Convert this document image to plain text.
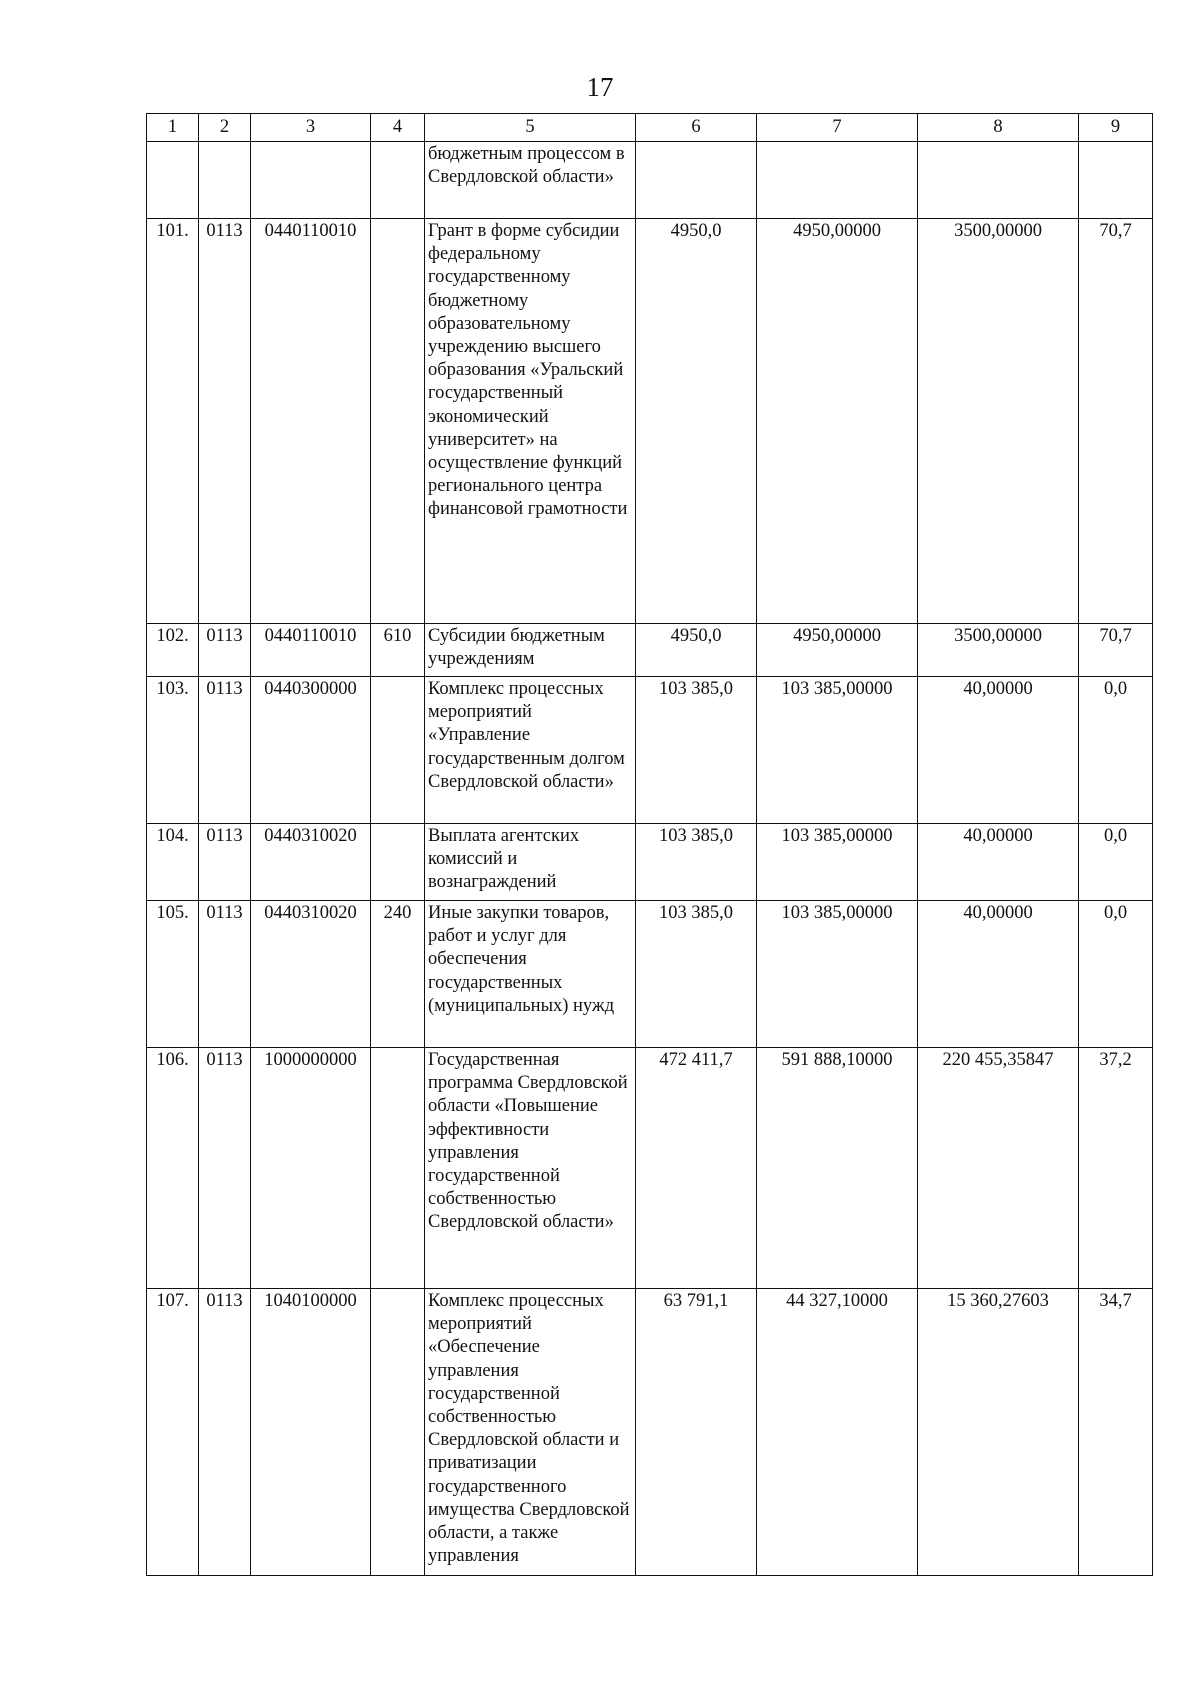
17
1	2	3	4	5	6	7	8	9
				бюджетным процессом в Свердловской области»				
101.	0113	0440110010		Грант в форме субсидии федеральному государственному бюджетному образовательному учреждению высшего образования «Уральский государственный экономический университет» на осуществление функций регионального центра финансовой грамотности	4950,0	4950,00000	3500,00000	70,7
102.	0113	0440110010	610	Субсидии бюджетным учреждениям	4950,0	4950,00000	3500,00000	70,7
103.	0113	0440300000		Комплекс процессных мероприятий «Управление государственным долгом Свердловской области»	103 385,0	103 385,00000	40,00000	0,0
104.	0113	0440310020		Выплата агентских комиссий и вознаграждений	103 385,0	103 385,00000	40,00000	0,0
105.	0113	0440310020	240	Иные закупки товаров, работ и услуг для обеспечения государственных (муниципальных) нужд	103 385,0	103 385,00000	40,00000	0,0
106.	0113	1000000000		Государственная программа Свердловской области «Повышение эффективности управления государственной собственностью Свердловской области»	472 411,7	591 888,10000	220 455,35847	37,2
107.	0113	1040100000		Комплекс процессных мероприятий «Обеспечение управления государственной собственностью Свердловской области и приватизации государственного имущества Свердловской области, а также управления	63 791,1	44 327,10000	15 360,27603	34,7
